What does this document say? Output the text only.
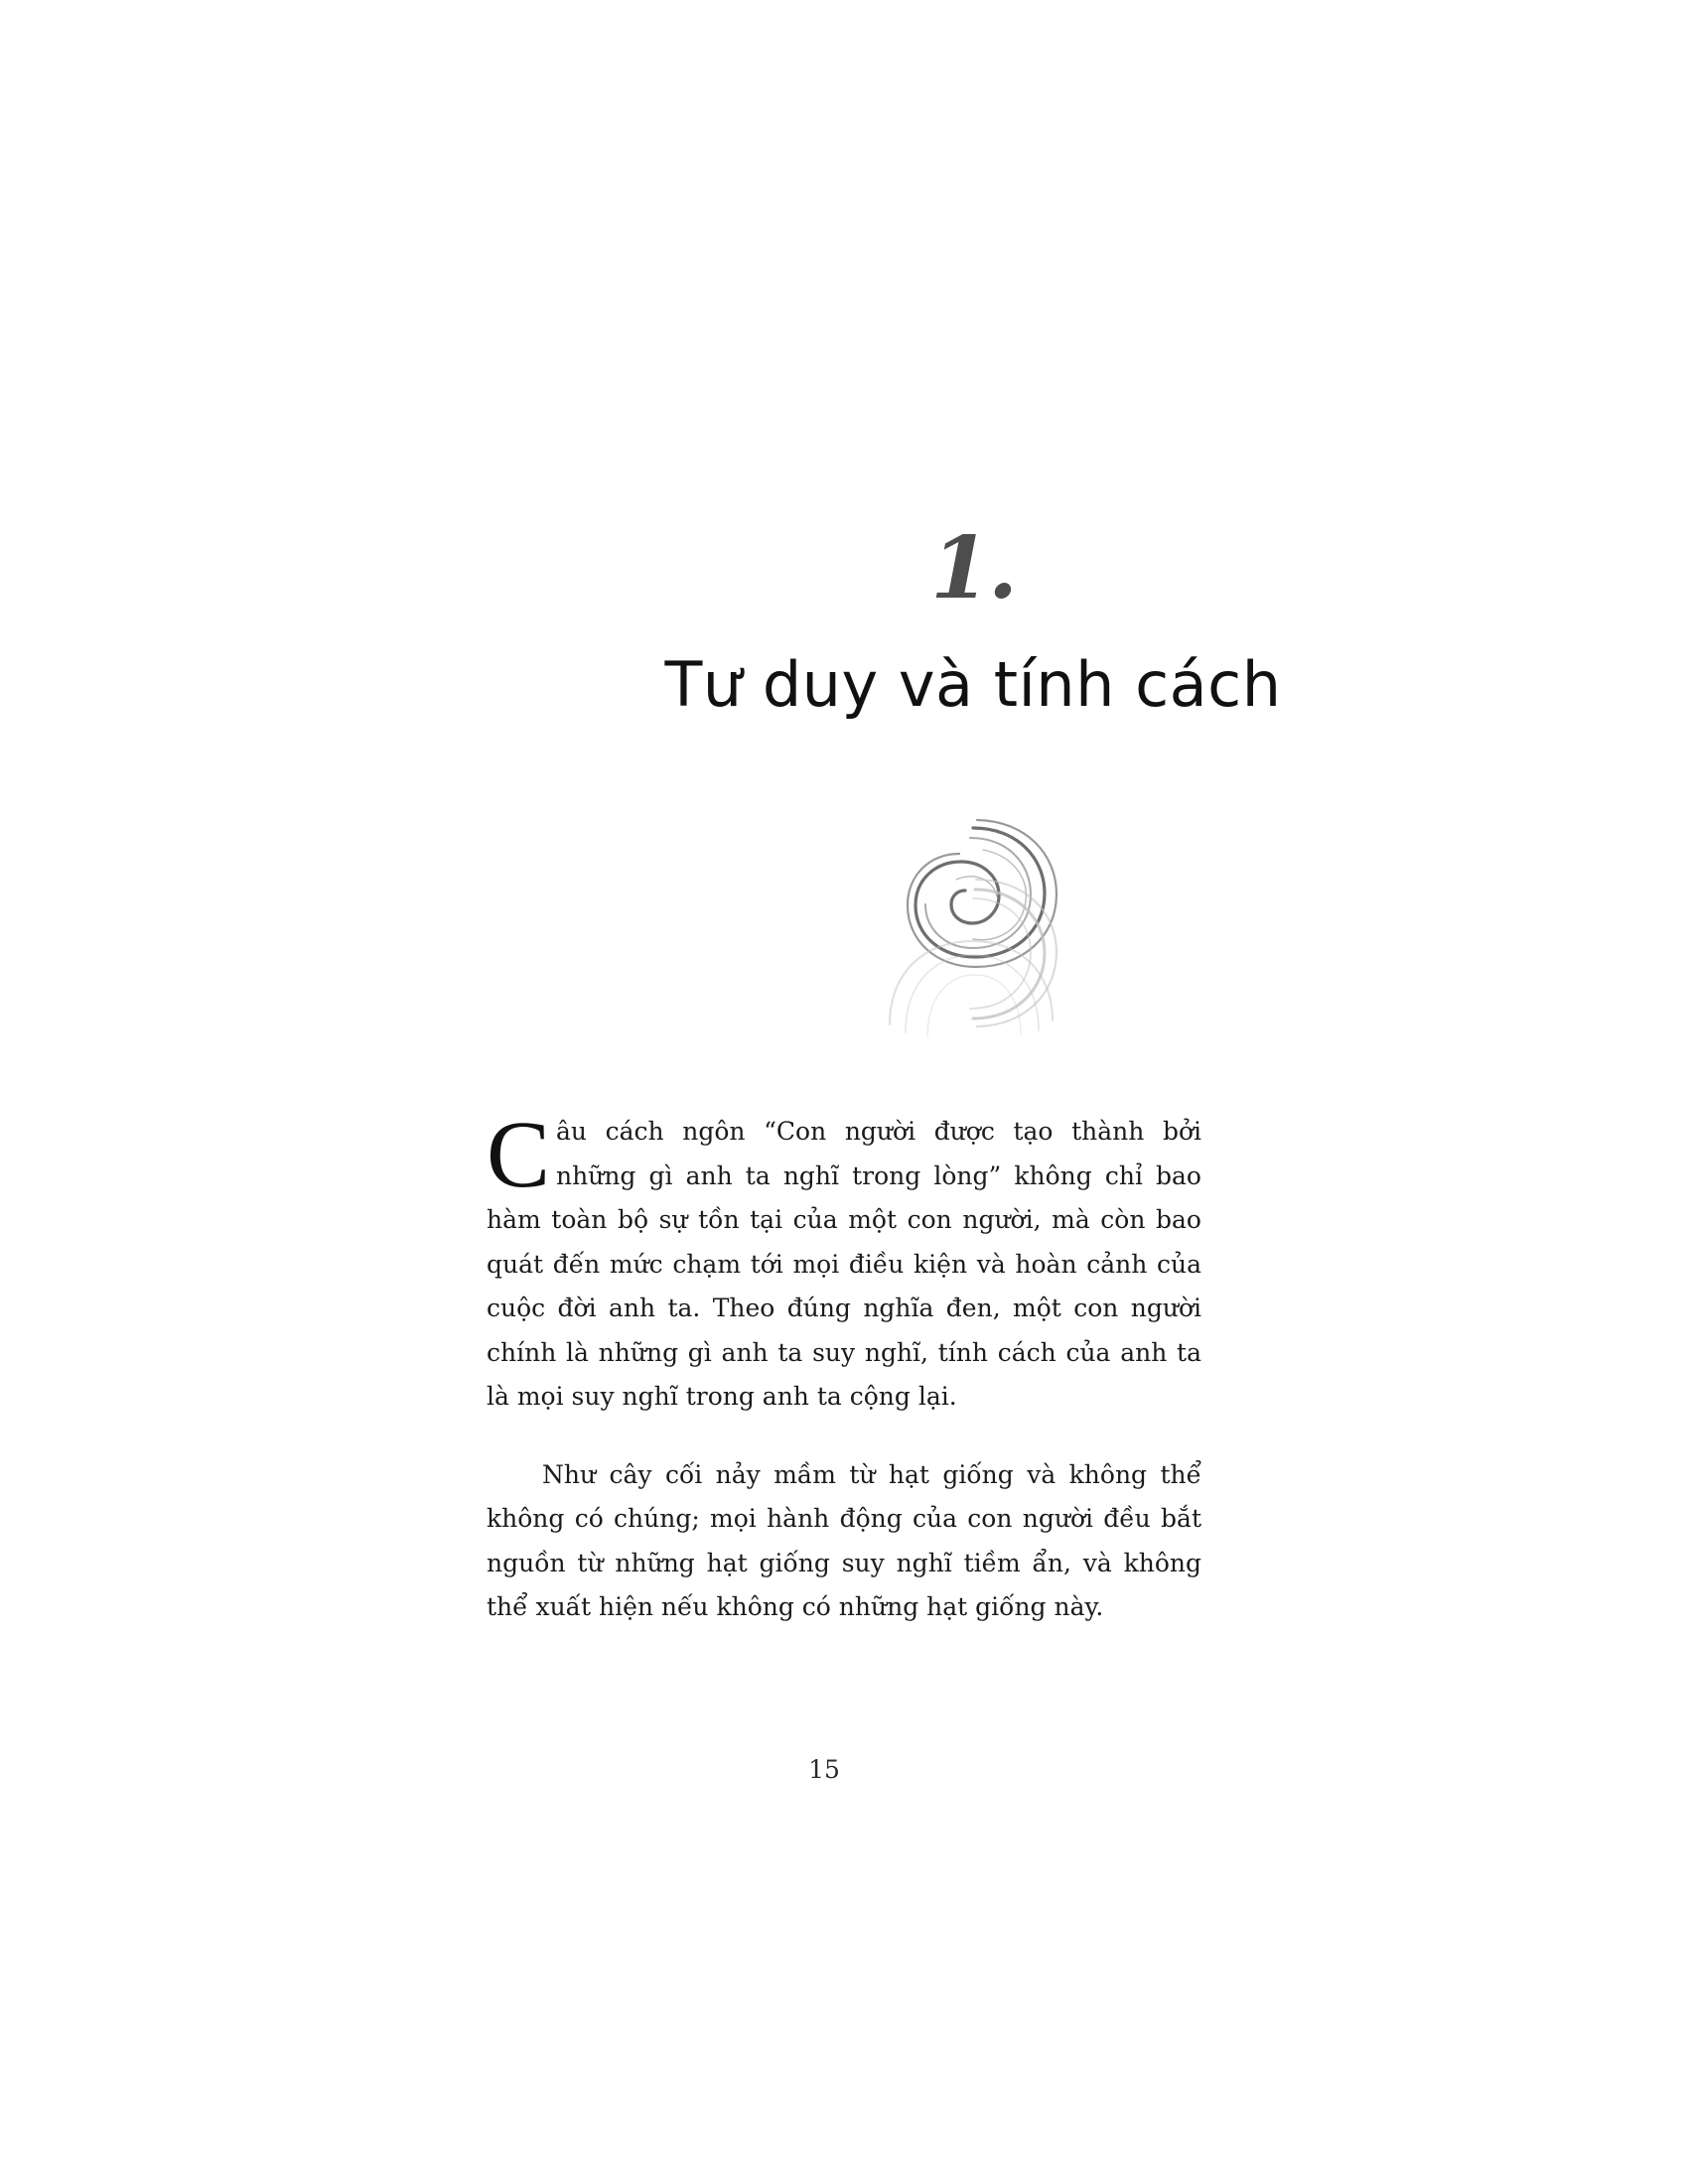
1.
Tư duy và tính cách

Câu cách ngôn “Con người được tạo thành bởi những gì anh ta nghĩ trong lòng” không chỉ bao hàm toàn bộ sự tồn tại của một con người, mà còn bao quát đến mức chạm tới mọi điều kiện và hoàn cảnh của cuộc đời anh ta. Theo đúng nghĩa đen, một con người chính là những gì anh ta suy nghĩ, tính cách của anh ta là mọi suy nghĩ trong anh ta cộng lại.

Như cây cối nảy mầm từ hạt giống và không thể không có chúng; mọi hành động của con người đều bắt nguồn từ những hạt giống suy nghĩ tiềm ẩn, và không thể xuất hiện nếu không có những hạt giống này.

15
